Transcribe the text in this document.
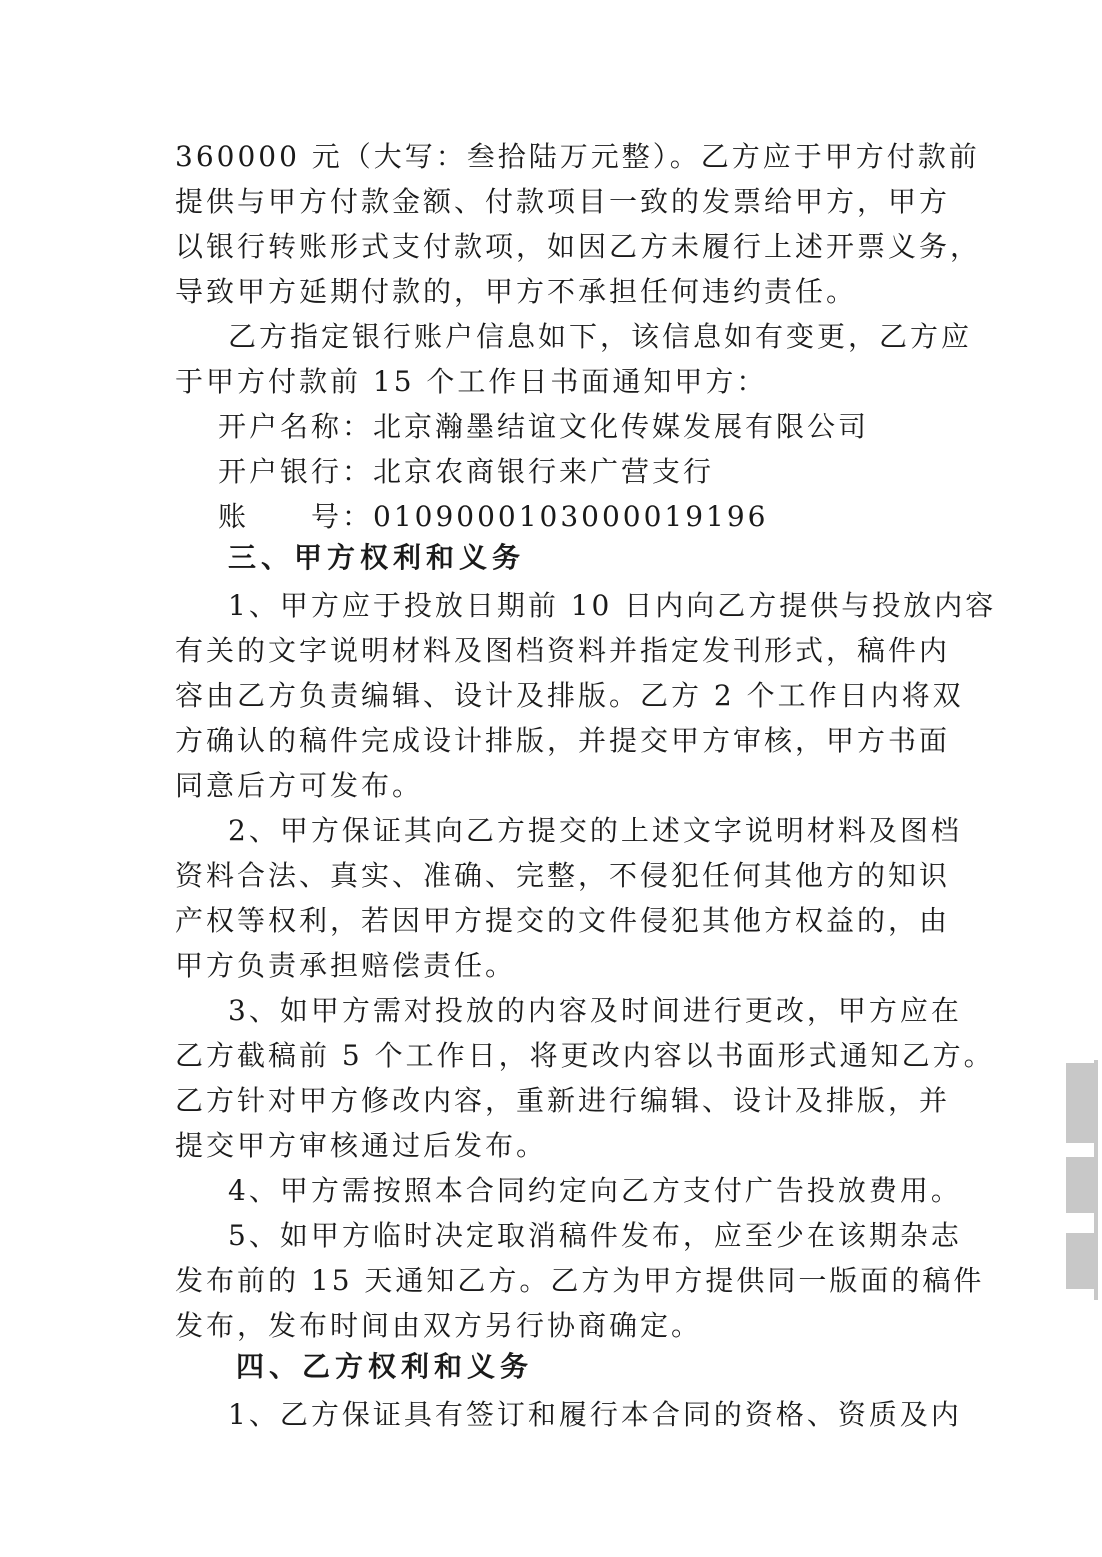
360000 元（大写：叁拾陆万元整）。乙方应于甲方付款前
提供与甲方付款金额、付款项目一致的发票给甲方，甲方
以银行转账形式支付款项，如因乙方未履行上述开票义务，
导致甲方延期付款的，甲方不承担任何违约责任。
乙方指定银行账户信息如下，该信息如有变更，乙方应
于甲方付款前 15 个工作日书面通知甲方：
开户名称：北京瀚墨结谊文化传媒发展有限公司
开户银行：北京农商银行来广营支行
账　　号：0109000103000019196
三、甲方权利和义务
1、甲方应于投放日期前 10 日内向乙方提供与投放内容
有关的文字说明材料及图档资料并指定发刊形式，稿件内
容由乙方负责编辑、设计及排版。乙方 2 个工作日内将双
方确认的稿件完成设计排版，并提交甲方审核，甲方书面
同意后方可发布。
2、甲方保证其向乙方提交的上述文字说明材料及图档
资料合法、真实、准确、完整，不侵犯任何其他方的知识
产权等权利，若因甲方提交的文件侵犯其他方权益的，由
甲方负责承担赔偿责任。
3、如甲方需对投放的内容及时间进行更改，甲方应在
乙方截稿前 5 个工作日，将更改内容以书面形式通知乙方。
乙方针对甲方修改内容，重新进行编辑、设计及排版，并
提交甲方审核通过后发布。
4、甲方需按照本合同约定向乙方支付广告投放费用。
5、如甲方临时决定取消稿件发布，应至少在该期杂志
发布前的 15 天通知乙方。乙方为甲方提供同一版面的稿件
发布，发布时间由双方另行协商确定。
四、乙方权利和义务
1、乙方保证具有签订和履行本合同的资格、资质及内
